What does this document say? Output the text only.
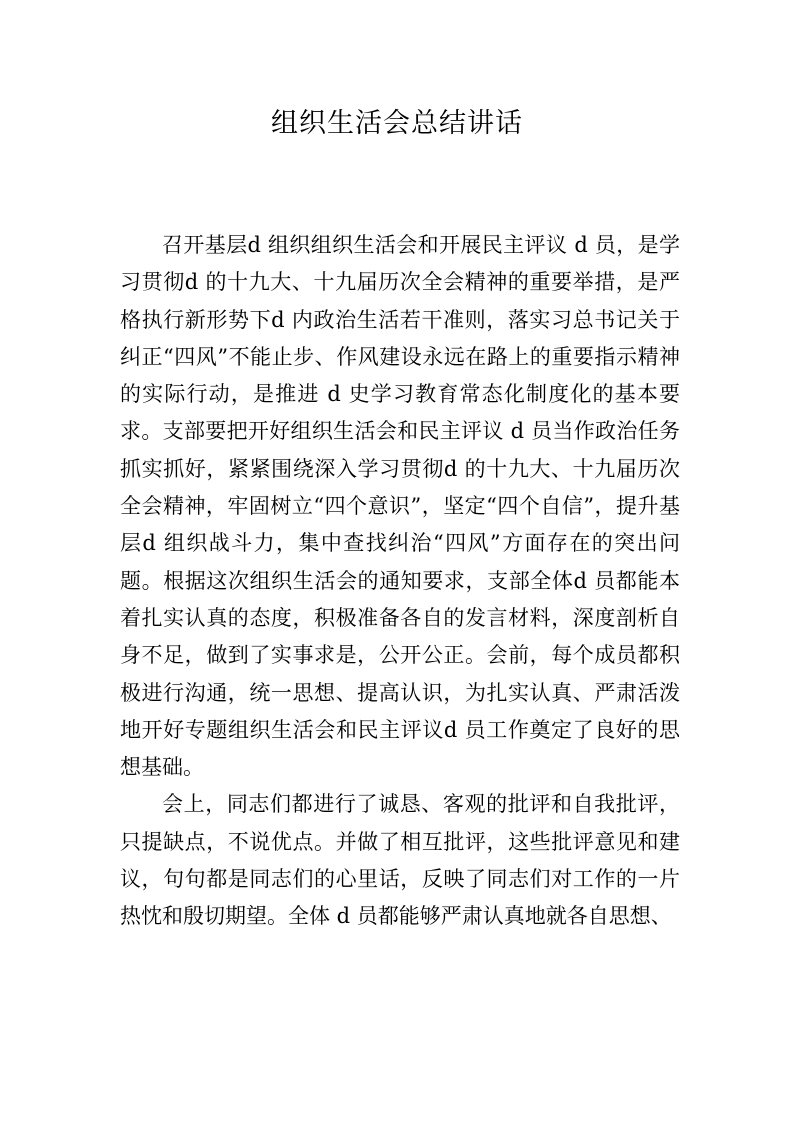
组织生活会总结讲话

召开基层d 组织组织生活会和开展民主评议 d 员，是学习贯彻d 的十九大、十九届历次全会精神的重要举措，是严格执行新形势下d 内政治生活若干准则，落实习总书记关于纠正“四风”不能止步、作风建设永远在路上的重要指示精神的实际行动，是推进 d 史学习教育常态化制度化的基本要求。支部要把开好组织生活会和民主评议 d 员当作政治任务抓实抓好，紧紧围绕深入学习贯彻d 的十九大、十九届历次全会精神，牢固树立“四个意识”，坚定“四个自信”，提升基层d 组织战斗力，集中查找纠治“四风”方面存在的突出问题。根据这次组织生活会的通知要求，支部全体d 员都能本着扎实认真的态度，积极准备各自的发言材料，深度剖析自身不足，做到了实事求是，公开公正。会前，每个成员都积极进行沟通，统一思想、提高认识，为扎实认真、严肃活泼地开好专题组织生活会和民主评议d 员工作奠定了良好的思想基础。

会上，同志们都进行了诚恳、客观的批评和自我批评，只提缺点，不说优点。并做了相互批评，这些批评意见和建议，句句都是同志们的心里话，反映了同志们对工作的一片热忱和殷切期望。全体 d 员都能够严肃认真地就各自思想、
